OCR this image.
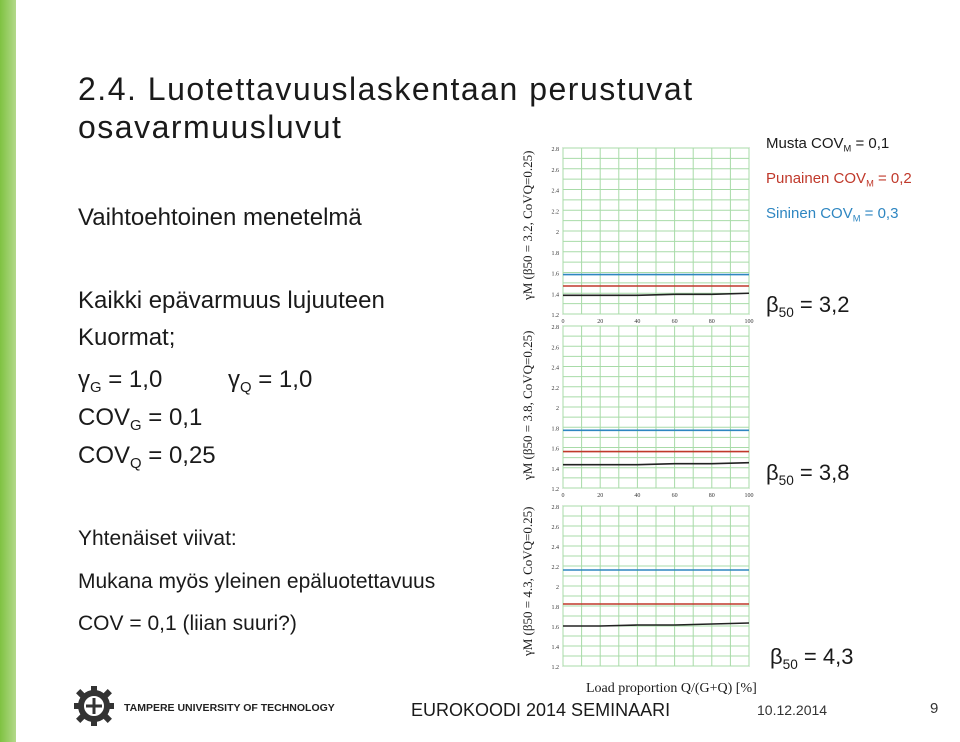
2.4. Luotettavuuslaskentaan perustuvat osavarmuusluvut
Vaihtoehtoinen menetelmä
Kaikki epävarmuus lujuuteen
Kuormat;
$\gamma_G = 1,0$	$\gamma_Q = 1,0$
$COV_G = 0,1$
$COV_Q = 0,25$
Yhtenäiset viivat:
Mukana myös yleinen epäluotettavuus
COV = 0,1 (liian suuri?)
Musta $COV_M = 0,1$
Punainen $COV_M = 0,2$
Sininen $COV_M = 0,3$
$\beta_{50} = 3,2$
$\beta_{50} = 3,8$
$\beta_{50} = 4,3$
γM (β50 = 3.2, CoVQ=0.25)
γM (β50 = 3.8, CoVQ=0.25)
γM (β50 = 4.3, CoVQ=0.25)
2.8
2.6
2.4
2.2
2
1.8
1.6
1.4
1.2
0	20	40	60	80	100
2.8
2.6
2.4
2.2
2
1.8
1.6
1.4
1.2
0	20	40	60	80	100
2.8
2.6
2.4
2.2
2
1.8
1.6
1.4
1.2
Load proportion Q/(G+Q) [%]
TAMPERE UNIVERSITY OF TECHNOLOGY	EUROKOODI 2014 SEMINAARI	10.12.2014	9
